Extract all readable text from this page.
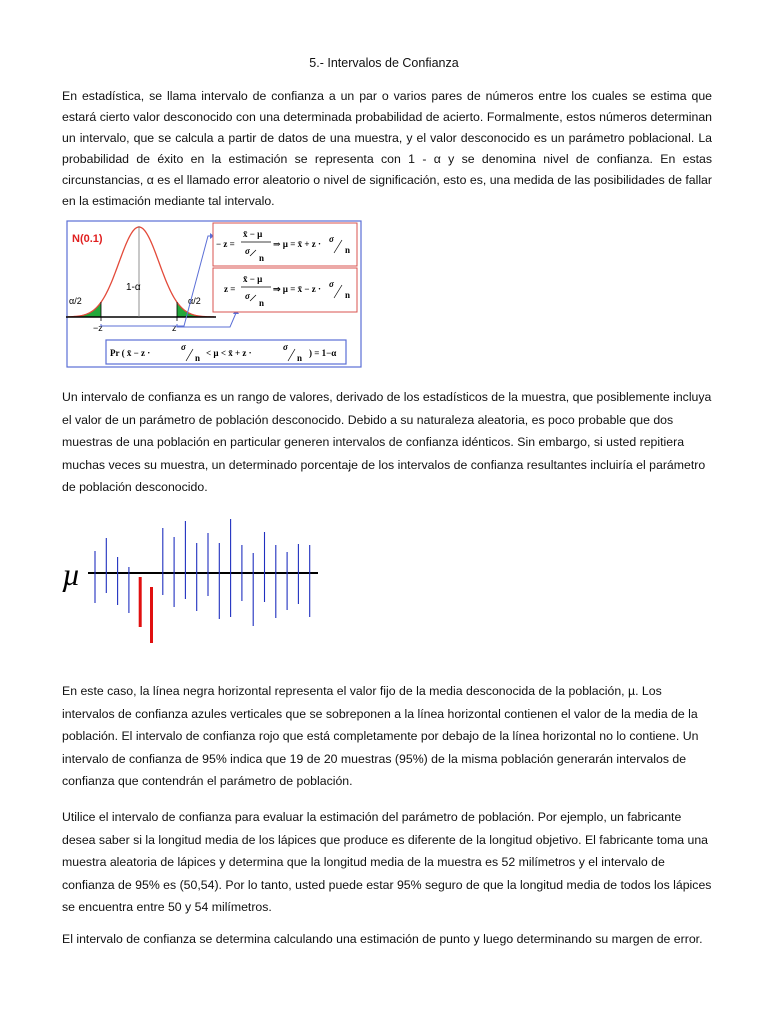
5.- Intervalos de Confianza

En estadística, se llama intervalo de confianza a un par o varios pares de números entre los cuales se estima que estará cierto valor desconocido con una determinada probabilidad de acierto. Formalmente, estos números determinan un intervalo, que se calcula a partir de datos de una muestra, y el valor desconocido es un parámetro poblacional. La probabilidad de éxito en la estimación se representa con 1 - α y se denomina nivel de confianza. En estas circunstancias, α es el llamado error aleatorio o nivel de significación, esto es, una medida de las posibilidades de fallar en la estimación mediante tal intervalo.

N(0.1)
1-α
α/2	α/2
−z	z
− z =
x̄ − µ
σ
n
⇒ µ = x̄ + z · σ
n
z =
x̄ − µ
σ
n
⇒ µ = x̄ − z · σ
n
Pr ( x̄ − z ·
σ
n < µ < x̄ + z ·
σ
n ) = 1−α

Un intervalo de confianza es un rango de valores, derivado de los estadísticos de la muestra, que posiblemente incluya el valor de un parámetro de población desconocido. Debido a su naturaleza aleatoria, es poco probable que dos muestras de una población en particular generen intervalos de confianza idénticos. Sin embargo, si usted repitiera muchas veces su muestra, un determinado porcentaje de los intervalos de confianza resultantes incluiría el parámetro de población desconocido.

µ

En este caso, la línea negra horizontal representa el valor fijo de la media desconocida de la población, µ. Los intervalos de confianza azules verticales que se sobreponen a la línea horizontal contienen el valor de la media de la población. El intervalo de confianza rojo que está completamente por debajo de la línea horizontal no lo contiene. Un intervalo de confianza de 95% indica que 19 de 20 muestras (95%) de la misma población generarán intervalos de confianza que contendrán el parámetro de población.

Utilice el intervalo de confianza para evaluar la estimación del parámetro de población. Por ejemplo, un fabricante desea saber si la longitud media de los lápices que produce es diferente de la longitud objetivo. El fabricante toma una muestra aleatoria de lápices y determina que la longitud media de la muestra es 52 milímetros y el intervalo de confianza de 95% es (50,54). Por lo tanto, usted puede estar 95% seguro de que la longitud media de todos los lápices se encuentra entre 50 y 54 milímetros.

El intervalo de confianza se determina calculando una estimación de punto y luego determinando su margen de error.
